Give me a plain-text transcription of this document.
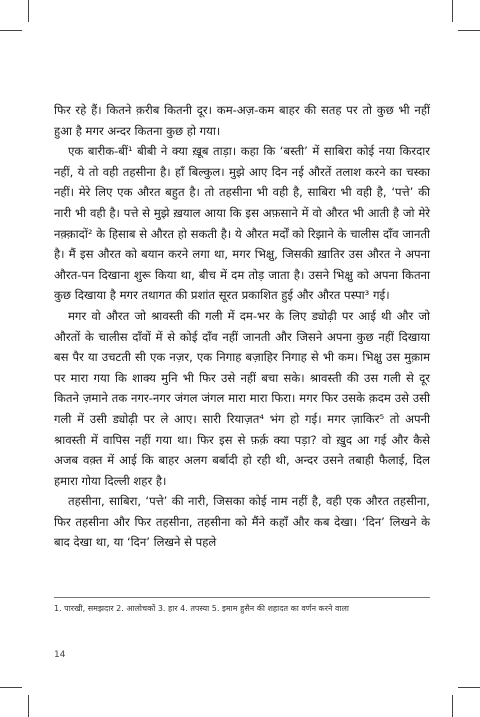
फिर रहे हैं। कितने क़रीब कितनी दूर। कम-अज़-कम बाहर की सतह पर तो कुछ भी नहीं हुआ है मगर अन्दर कितना कुछ हो गया।

एक बारीक-बीं¹ बीबी ने क्या ख़ूब ताड़ा। कहा कि ‘बस्ती’ में साबिरा कोई नया किरदार नहीं, ये तो वही तहसीना है। हाँ बिल्कुल। मुझे आए दिन नई औरतें तलाश करने का चस्का नहीं। मेरे लिए एक औरत बहुत है। तो तहसीना भी वही है, साबिरा भी वही है, ‘पत्ते’ की नारी भी वही है। पत्ते से मुझे ख़याल आया कि इस अफ़साने में वो औरत भी आती है जो मेरे नक़्क़ादों² के हिसाब से औरत हो सकती है। ये औरत मर्दों को रिझाने के चालीस दाँव जानती है। मैं इस औरत को बयान करने लगा था, मगर भिक्षु, जिसकी ख़ातिर उस औरत ने अपना औरत-पन दिखाना शुरू किया था, बीच में दम तोड़ जाता है। उसने भिक्षु को अपना कितना कुछ दिखाया है मगर तथागत की प्रशांत सूरत प्रकाशित हुई और औरत पस्पा³ गई।

मगर वो औरत जो श्रावस्ती की गली में दम-भर के लिए ड्योढ़ी पर आई थी और जो औरतों के चालीस दाँवों में से कोई दाँव नहीं जानती और जिसने अपना कुछ नहीं दिखाया बस पैर या उचटती सी एक नज़र, एक निगाह बज़ाहिर निगाह से भी कम। भिक्षु उस मुक़ाम पर मारा गया कि शाक्य मुनि भी फिर उसे नहीं बचा सके। श्रावस्ती की उस गली से दूर कितने ज़माने तक नगर-नगर जंगल जंगल मारा मारा फिरा। मगर फिर उसके क़दम उसे उसी गली में उसी ड्योढ़ी पर ले आए। सारी रियाज़त⁴ भंग हो गई। मगर ज़ाकिर⁵ तो अपनी श्रावस्ती में वापिस नहीं गया था। फिर इस से फ़र्क़ क्या पड़ा? वो ख़ुद आ गई और कैसे अजब वक़्त में आई कि बाहर अलग बर्बादी हो रही थी, अन्दर उसने तबाही फैलाई, दिल हमारा गोया दिल्ली शहर है।

तहसीना, साबिरा, ‘पत्ते’ की नारी, जिसका कोई नाम नहीं है, वही एक औरत तहसीना, फिर तहसीना और फिर तहसीना, तहसीना को मैंने कहाँ और कब देखा। ‘दिन’ लिखने के बाद देखा था, या ‘दिन’ लिखने से पहले

1. पारखी, समझदार 2. आलोचकों 3. हार 4. तपस्या 5. इमाम हुसैन की शहादत का वर्णन करने वाला
14
